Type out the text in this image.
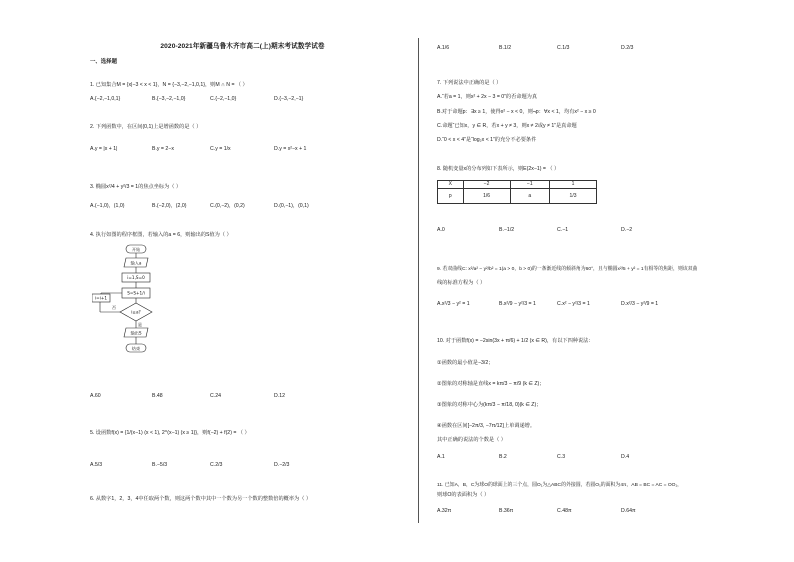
2020-2021年新疆乌鲁木齐市高二(上)期末考试数学试卷
一、选择题
1. 已知集合M = {x|−3 < x < 1}，N = {−3,−2,−1,0,1}，则M ∩ N = （ ）
A.{−2,−1,0,1}	B.{−3,−2,−1,0}	C.{−2,−1,0}	D.{−3,−2,−1}
2. 下列函数中，在区间(0,1)上是增函数的是（ ）
A.y = |x + 1|	B.y = 2−x	C.y = 1/x	D.y = x²−x + 1
3. 椭圆x²/4 + y²/3 = 1的焦点坐标为（ ）
A.(−1,0)，(1,0)	B.(−2,0)，(2,0)	C.(0,−2)，(0,2)	D.(0,−1)，(0,1)
4. 执行如图的程序框图，若输入的a = 6，则输出的S值为（ ）
开始
输入a
i=1,S=0
S=S+1/i
i≥a?
i=i+1
否
是
输出S
结束
A.60	B.48	C.24	D.12
5. 设函数f(x) = {1/(x−1) (x < 1), 2^(x−1) (x ≥ 1)}，则f(−2) + f(2) = （ ）
A.5/3	B.−5/3	C.2/3	D.−2/3
6. 从数字1，2，3，4中任取两个数，则这两个数中其中一个数为另一个数的整数倍的概率为（ ）
A.1/6	B.1/2	C.1/3	D.2/3
7. 下列说法中正确的是（ ）
A.“若a = 1，则x² + 2x − 3 = 0”的否命题为真
B.对于命题p：∃x ≥ 1，使得x² − x < 0，则¬p：∀x < 1，均有x² − x ≥ 0
C.命题“已知x，y ∈ R，若x + y ≠ 3，则x ≠ 2或y ≠ 1”是真命题
D.“0 < x < 4”是“log₂x < 1”的充分不必要条件
8. 随机变量x的分布列如下表所示，则E(2x−1) = （ ）
X	−2	−1	1
p	1/6	a	1/3
A.0	B.−1/2	C.−1	D.−2
9. 若双曲线C: x²/a² − y²/b² = 1(a > 0，b > 0)的一条渐近线的倾斜角为60°，且与椭圆x²/5 + y² = 1有相等的焦距，则该双曲
线的标准方程为（ ）
A.x²/3 − y² = 1	B.x²/9 − y²/3 = 1	C.x² − y²/3 = 1	D.x²/3 − y²/9 = 1
10. 对于函数f(x) = −2sin(3x + π/6) + 1/2 (x ∈ R)，有以下四种说法：
①函数的最小值是−3/2；
②图象的对称轴是直线x = kπ/3 − π/9 (k ∈ Z)；
③图象的对称中心为(kπ/3 − π/18, 0)(k ∈ Z)；
④函数在区间[−2π/3, −7π/12]上单调递增。
其中正确的说法的个数是（ ）
A.1	B.2	C.3	D.4
11. 已知A，B，C为球O的球面上的三个点，圆O₁为△ABC的外接圆，若圆O₁的面积为4π，AB = BC = AC = OO₁，
则球O的表面积为（ ）
A.32π	B.36π	C.48π	D.64π
